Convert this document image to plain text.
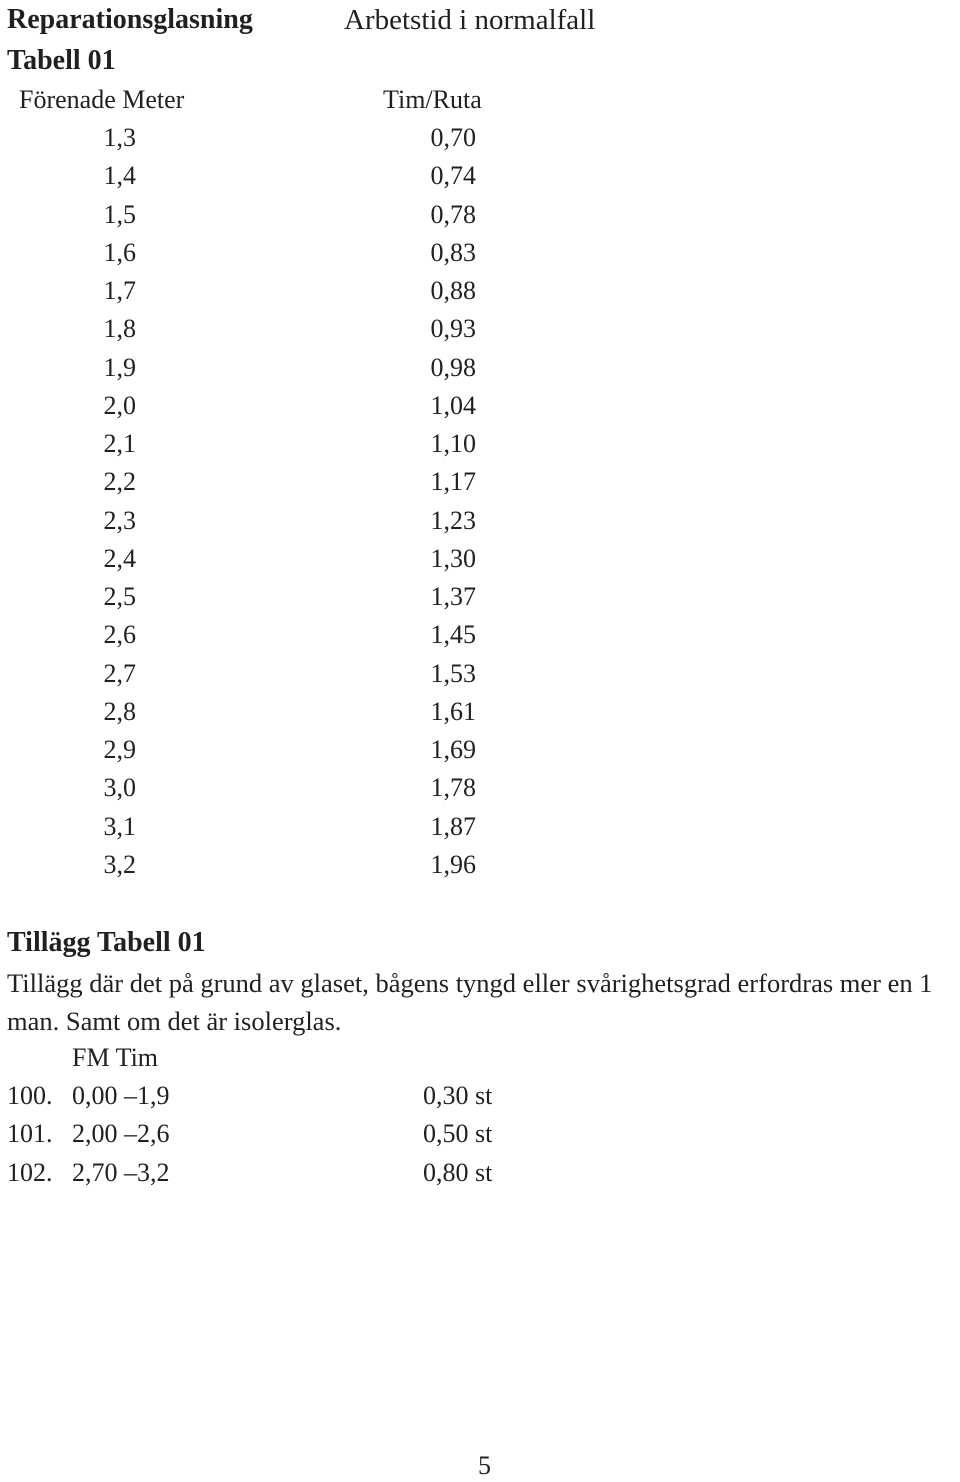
Reparationsglasning	Arbetstid i normalfall
Tabell 01
Förenade Meter	Tim/Ruta
1,3	0,70
1,4	0,74
1,5	0,78
1,6	0,83
1,7	0,88
1,8	0,93
1,9	0,98
2,0	1,04
2,1	1,10
2,2	1,17
2,3	1,23
2,4	1,30
2,5	1,37
2,6	1,45
2,7	1,53
2,8	1,61
2,9	1,69
3,0	1,78
3,1	1,87
3,2	1,96
Tillägg Tabell 01
Tillägg där det på grund av glaset, bågens tyngd eller svårighetsgrad erfordras mer en 1 man. Samt om det är isolerglas.
FM Tim
100. 0,00 –1,9	0,30 st
101. 2,00 –2,6	0,50 st
102. 2,70 –3,2	0,80 st
5
